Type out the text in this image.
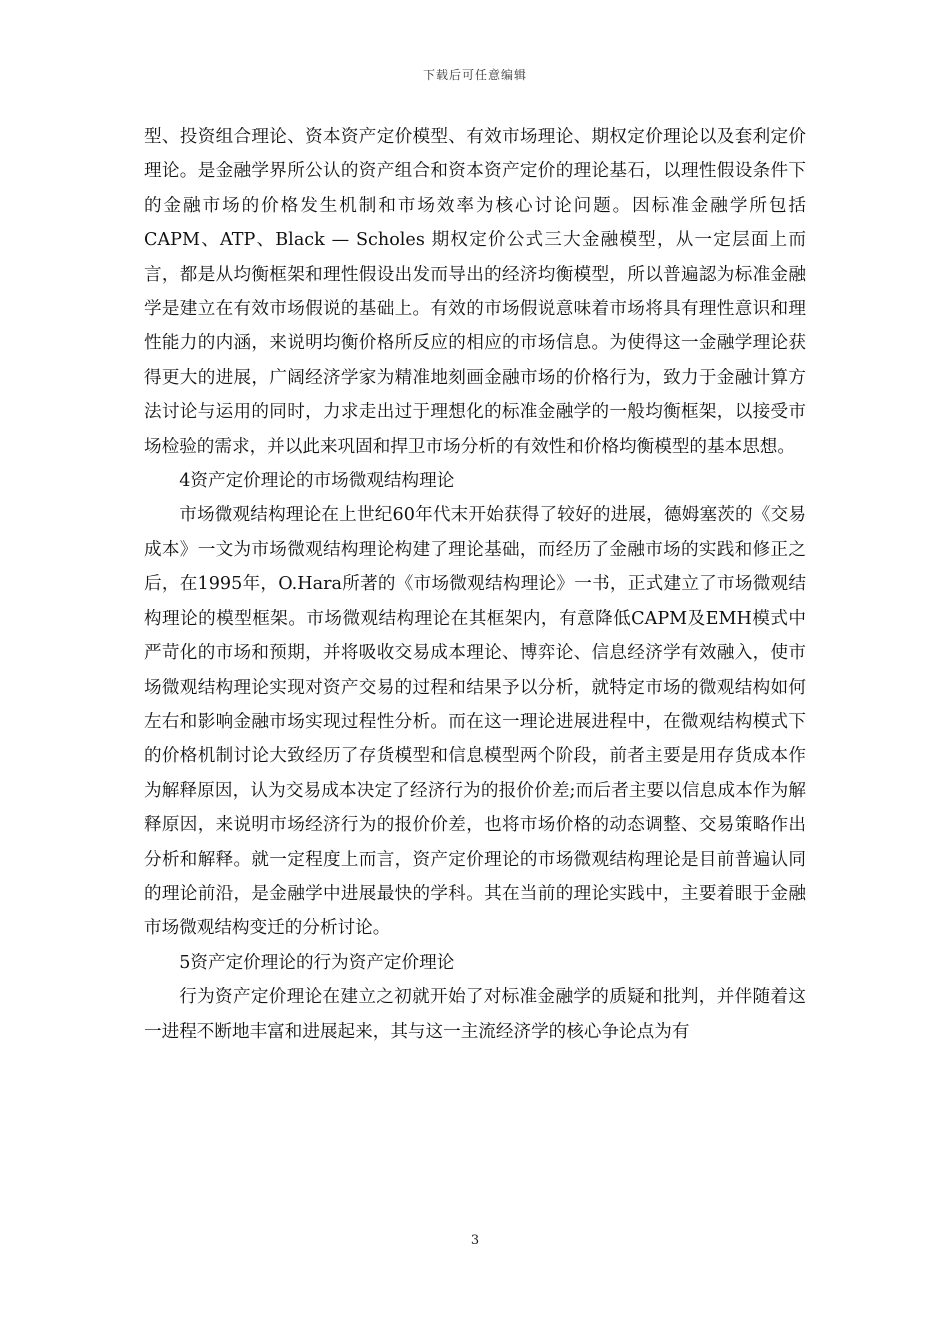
下载后可任意编辑

型、投资组合理论、资本资产定价模型、有效市场理论、期权定价理论以及套利定价理论。是金融学界所公认的资产组合和资本资产定价的理论基石，以理性假设条件下的金融市场的价格发生机制和市场效率为核心讨论问题。因标准金融学所包括CAPM、ATP、Black — Scholes 期权定价公式三大金融模型，从一定层面上而言，都是从均衡框架和理性假设出发而导出的经济均衡模型，所以普遍認为标准金融学是建立在有效市场假说的基础上。有效的市场假说意味着市场将具有理性意识和理性能力的内涵，来说明均衡价格所反应的相应的市场信息。为使得这一金融学理论获得更大的进展，广阔经济学家为精准地刻画金融市场的价格行为，致力于金融计算方法讨论与运用的同时，力求走出过于理想化的标准金融学的一般均衡框架，以接受市场检验的需求，并以此来巩固和捍卫市场分析的有效性和价格均衡模型的基本思想。

4资产定价理论的市场微观结构理论

市场微观结构理论在上世纪60年代末开始获得了较好的进展，德姆塞茨的《交易成本》一文为市场微观结构理论构建了理论基础，而经历了金融市场的实践和修正之后，在1995年，O.Hara所著的《市场微观结构理论》一书，正式建立了市场微观结构理论的模型框架。市场微观结构理论在其框架内，有意降低CAPM及EMH模式中严苛化的市场和预期，并将吸收交易成本理论、博弈论、信息经济学有效融入，使市场微观结构理论实现对资产交易的过程和结果予以分析，就特定市场的微观结构如何左右和影响金融市场实现过程性分析。而在这一理论进展进程中，在微观结构模式下的价格机制讨论大致经历了存货模型和信息模型两个阶段，前者主要是用存货成本作为解释原因，认为交易成本决定了经济行为的报价价差;而后者主要以信息成本作为解释原因，来说明市场经济行为的报价价差，也将市场价格的动态调整、交易策略作出分析和解释。就一定程度上而言，资产定价理论的市场微观结构理论是目前普遍认同的理论前沿，是金融学中进展最快的学科。其在当前的理论实践中，主要着眼于金融市场微观结构变迁的分析讨论。

5资产定价理论的行为资产定价理论

行为资产定价理论在建立之初就开始了对标准金融学的质疑和批判，并伴随着这一进程不断地丰富和进展起来，其与这一主流经济学的核心争论点为有

3
